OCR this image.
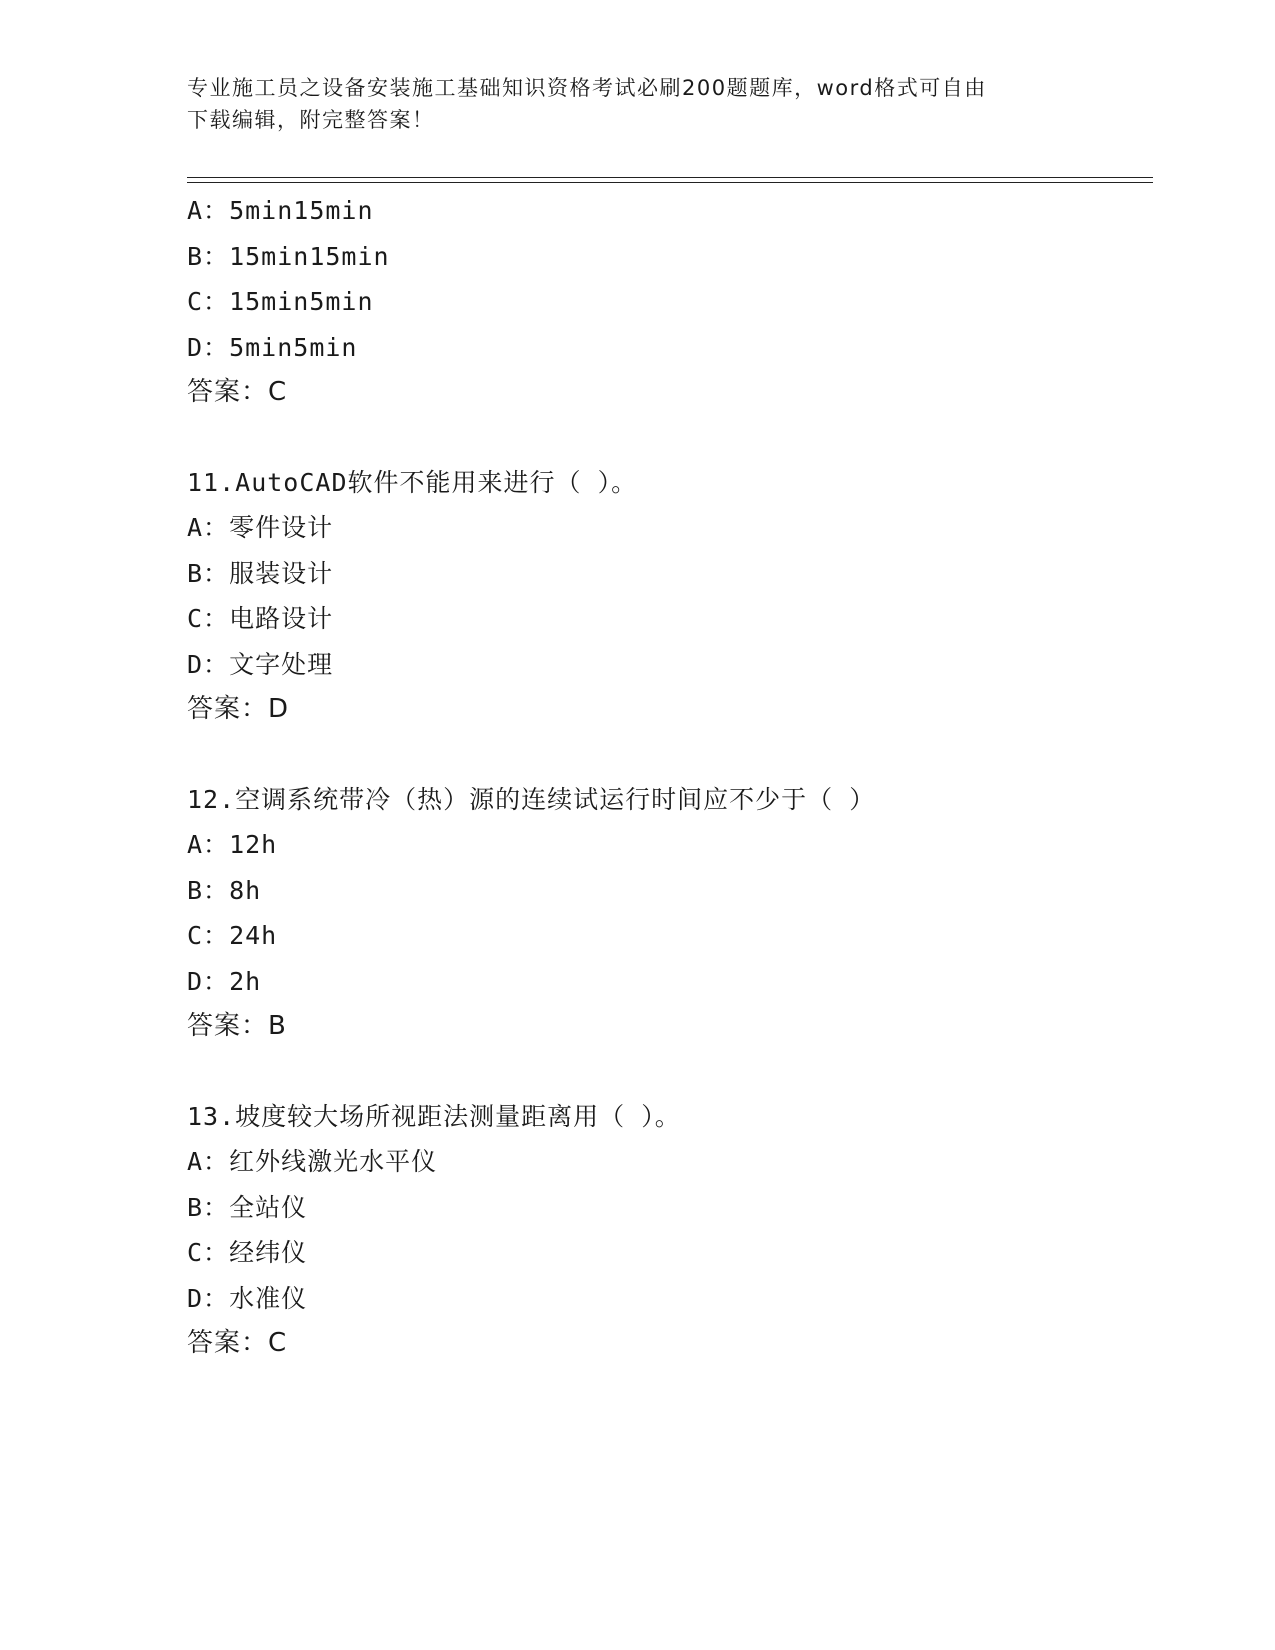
专业施工员之设备安装施工基础知识资格考试必刷200题题库，word格式可自由
下载编辑，附完整答案！
A：5min15min
B：15min15min
C：15min5min
D：5min5min
答案：C
11.AutoCAD软件不能用来进行（ ）。
A：零件设计
B：服装设计
C：电路设计
D：文字处理
答案：D
12.空调系统带冷（热）源的连续试运行时间应不少于（ ）
A：12h
B：8h
C：24h
D：2h
答案：B
13.坡度较大场所视距法测量距离用（ ）。
A：红外线激光水平仪
B：全站仪
C：经纬仪
D：水准仪
答案：C
